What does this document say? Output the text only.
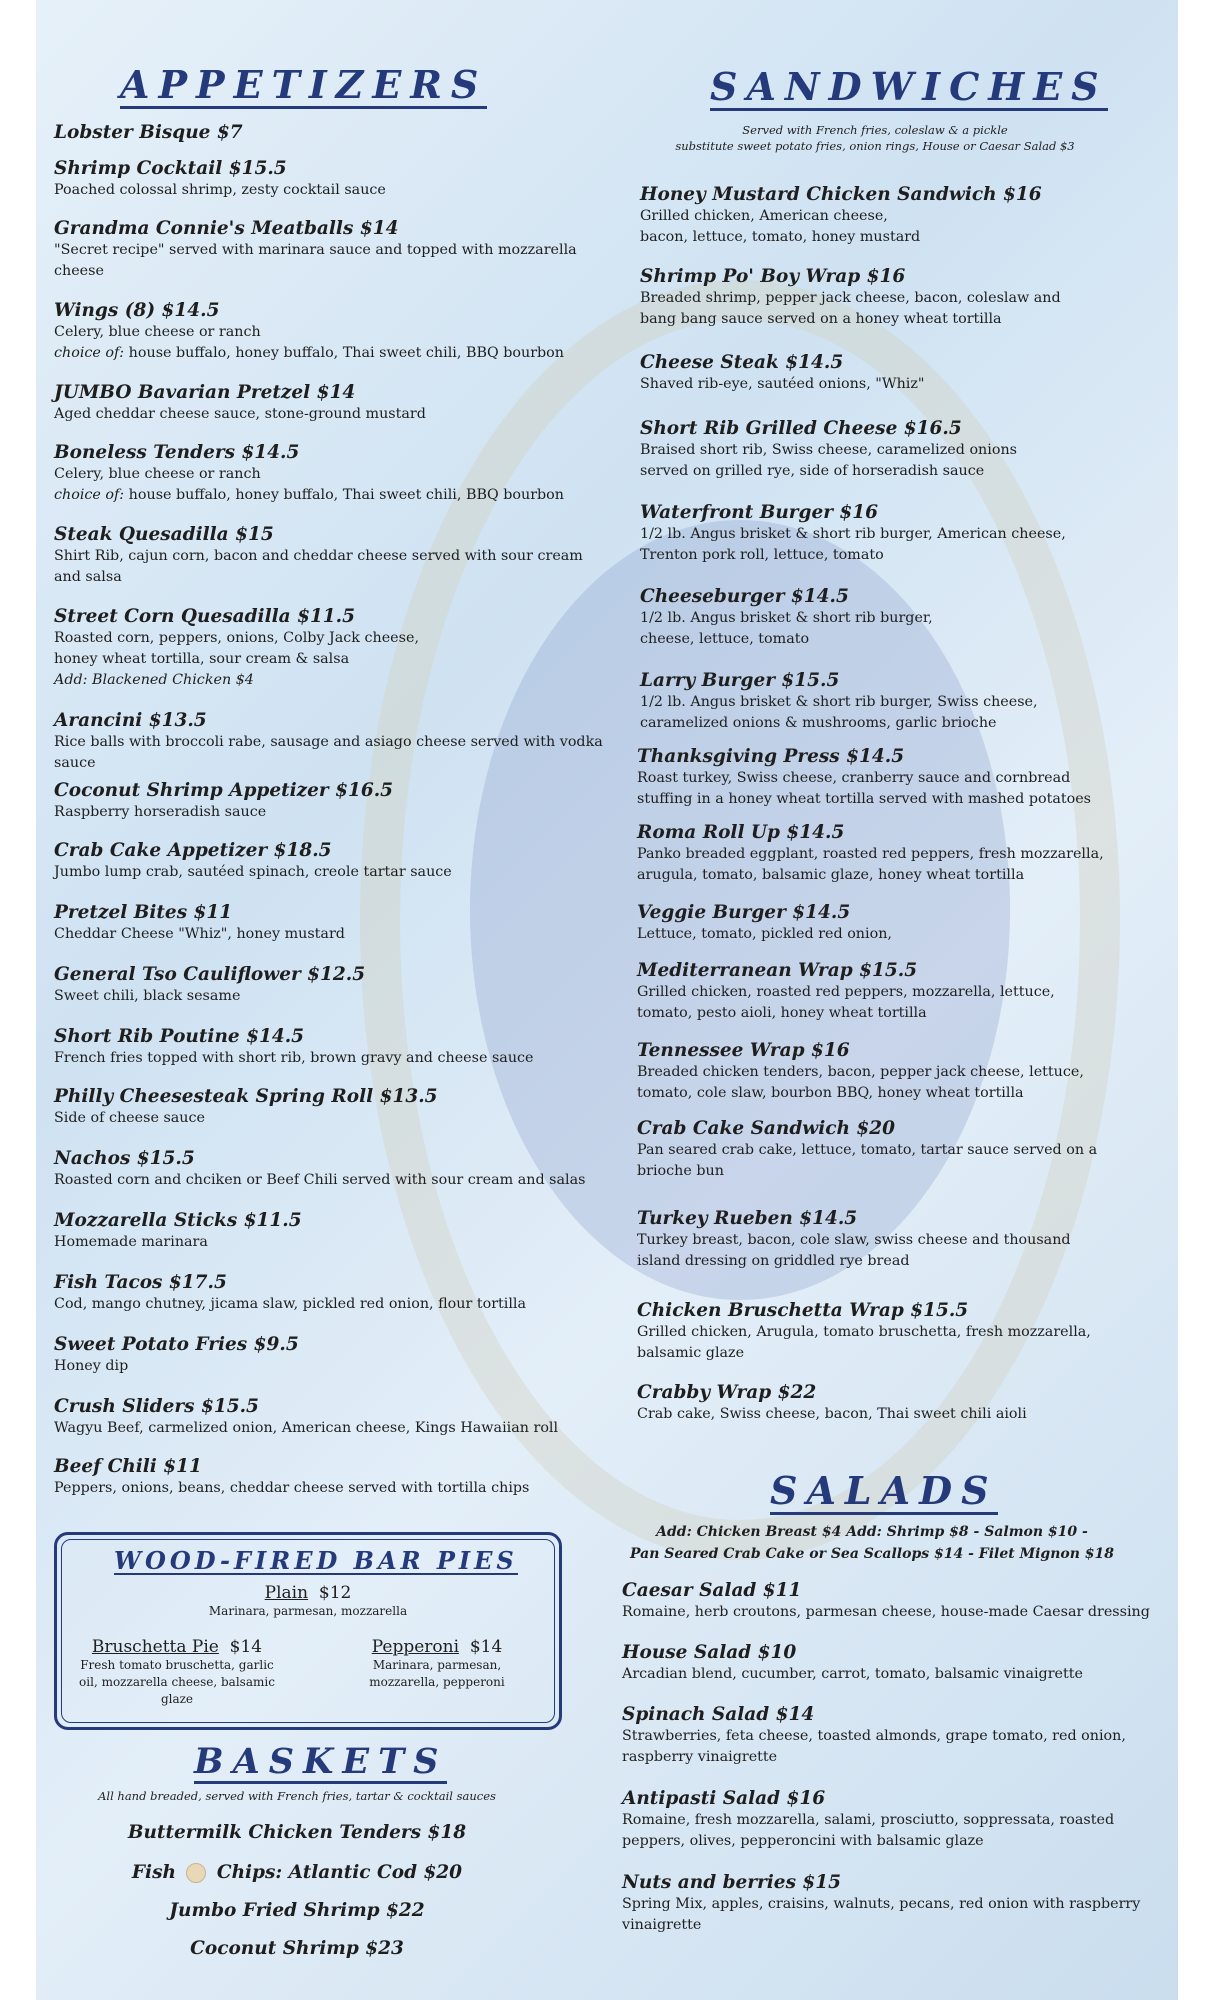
APPETIZERS
Lobster Bisque $7
Shrimp Cocktail $15.5
Poached colossal shrimp, zesty cocktail sauce
Grandma Connie's Meatballs $14
"Secret recipe" served with marinara sauce and topped with mozzarella cheese
Wings (8) $14.5
Celery, blue cheese or ranch
choice of: house buffalo, honey buffalo, Thai sweet chili, BBQ bourbon
JUMBO Bavarian Pretzel $14
Aged cheddar cheese sauce, stone-ground mustard
Boneless Tenders $14.5
Celery, blue cheese or ranch
choice of: house buffalo, honey buffalo, Thai sweet chili, BBQ bourbon
Steak Quesadilla $15
Shirt Rib, cajun corn, bacon and cheddar cheese served with sour cream and salsa
Street Corn Quesadilla $11.5
Roasted corn, peppers, onions, Colby Jack cheese, honey wheat tortilla, sour cream & salsa
Add: Blackened Chicken $4
Arancini $13.5
Rice balls with broccoli rabe, sausage and asiago cheese served with vodka sauce
Coconut Shrimp Appetizer $16.5
Raspberry horseradish sauce
Crab Cake Appetizer $18.5
Jumbo lump crab, sautéed spinach, creole tartar sauce
Pretzel Bites $11
Cheddar Cheese "Whiz", honey mustard
General Tso Cauliflower $12.5
Sweet chili, black sesame
Short Rib Poutine $14.5
French fries topped with short rib, brown gravy and cheese sauce
Philly Cheesesteak Spring Roll $13.5
Side of cheese sauce
Nachos $15.5
Roasted corn and chciken or Beef Chili served with sour cream and salas
Mozzarella Sticks $11.5
Homemade marinara
Fish Tacos $17.5
Cod, mango chutney, jicama slaw, pickled red onion, flour tortilla
Sweet Potato Fries $9.5
Honey dip
Crush Sliders $15.5
Wagyu Beef, carmelized onion, American cheese, Kings Hawaiian roll
Beef Chili $11
Peppers, onions, beans, cheddar cheese served with tortilla chips
WOOD-FIRED BAR PIES
Plain $12
Marinara, parmesan, mozzarella
Bruschetta Pie $14
Fresh tomato bruschetta, garlic oil, mozzarella cheese, balsamic glaze
Pepperoni $14
Marinara, parmesan, mozzarella, pepperoni
BASKETS
All hand breaded, served with French fries, tartar & cocktail sauces
Buttermilk Chicken Tenders $18
Fish Chips: Atlantic Cod $20
Jumbo Fried Shrimp $22
Coconut Shrimp $23
SANDWICHES
Served with French fries, coleslaw & a pickle
substitute sweet potato fries, onion rings, House or Caesar Salad $3
Honey Mustard Chicken Sandwich $16
Grilled chicken, American cheese, bacon, lettuce, tomato, honey mustard
Shrimp Po' Boy Wrap $16
Breaded shrimp, pepper jack cheese, bacon, coleslaw and bang bang sauce served on a honey wheat tortilla
Cheese Steak $14.5
Shaved rib-eye, sautéed onions, "Whiz"
Short Rib Grilled Cheese $16.5
Braised short rib, Swiss cheese, caramelized onions served on grilled rye, side of horseradish sauce
Waterfront Burger $16
1/2 lb. Angus brisket & short rib burger, American cheese, Trenton pork roll, lettuce, tomato
Cheeseburger $14.5
1/2 lb. Angus brisket & short rib burger, cheese, lettuce, tomato
Larry Burger $15.5
1/2 lb. Angus brisket & short rib burger, Swiss cheese, caramelized onions & mushrooms, garlic brioche
Thanksgiving Press $14.5
Roast turkey, Swiss cheese, cranberry sauce and cornbread stuffing in a honey wheat tortilla served with mashed potatoes
Roma Roll Up $14.5
Panko breaded eggplant, roasted red peppers, fresh mozzarella, arugula, tomato, balsamic glaze, honey wheat tortilla
Veggie Burger $14.5
Lettuce, tomato, pickled red onion,
Mediterranean Wrap $15.5
Grilled chicken, roasted red peppers, mozzarella, lettuce, tomato, pesto aioli, honey wheat tortilla
Tennessee Wrap $16
Breaded chicken tenders, bacon, pepper jack cheese, lettuce, tomato, cole slaw, bourbon BBQ, honey wheat tortilla
Crab Cake Sandwich $20
Pan seared crab cake, lettuce, tomato, tartar sauce served on a brioche bun
Turkey Rueben $14.5
Turkey breast, bacon, cole slaw, swiss cheese and thousand island dressing on griddled rye bread
Chicken Bruschetta Wrap $15.5
Grilled chicken, Arugula, tomato bruschetta, fresh mozzarella, balsamic glaze
Crabby Wrap $22
Crab cake, Swiss cheese, bacon, Thai sweet chili aioli
SALADS
Add: Chicken Breast $4 Add: Shrimp $8 - Salmon $10 -
Pan Seared Crab Cake or Sea Scallops $14 - Filet Mignon $18
Caesar Salad $11
Romaine, herb croutons, parmesan cheese, house-made Caesar dressing
House Salad $10
Arcadian blend, cucumber, carrot, tomato, balsamic vinaigrette
Spinach Salad $14
Strawberries, feta cheese, toasted almonds, grape tomato, red onion, raspberry vinaigrette
Antipasti Salad $16
Romaine, fresh mozzarella, salami, prosciutto, soppressata, roasted peppers, olives, pepperoncini with balsamic glaze
Nuts and berries $15
Spring Mix, apples, craisins, walnuts, pecans, red onion with raspberry vinaigrette
